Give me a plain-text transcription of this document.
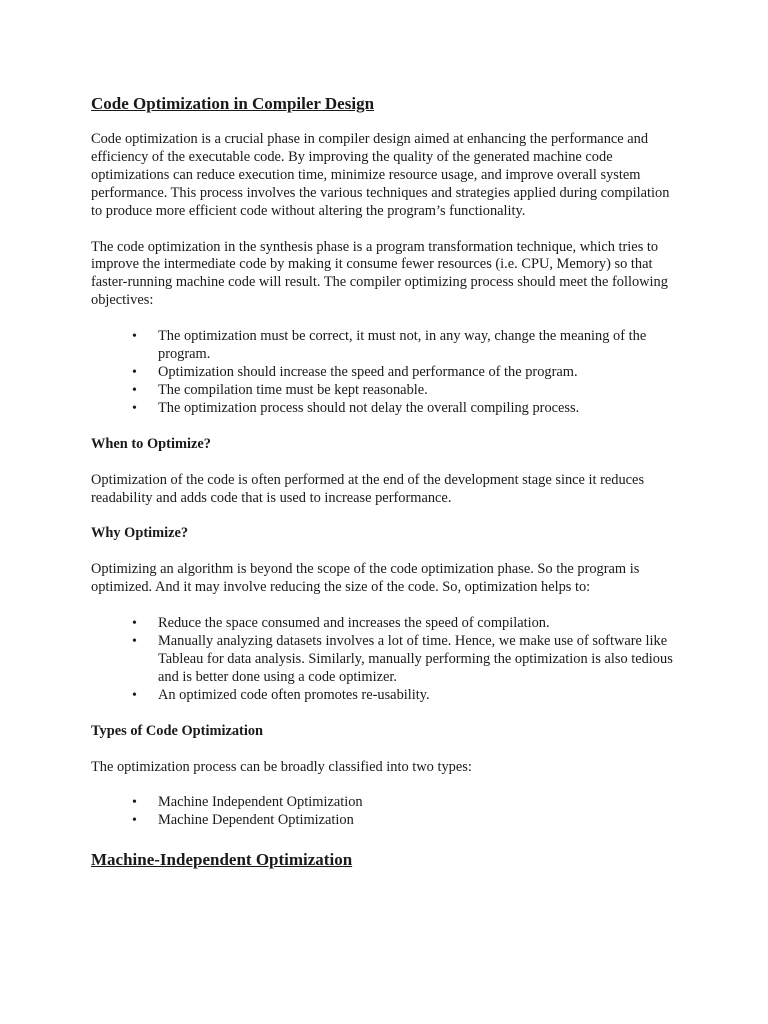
Code Optimization in Compiler Design

Code optimization is a crucial phase in compiler design aimed at enhancing the performance and efficiency of the executable code. By improving the quality of the generated machine code optimizations can reduce execution time, minimize resource usage, and improve overall system performance. This process involves the various techniques and strategies applied during compilation to produce more efficient code without altering the program’s functionality.

The code optimization in the synthesis phase is a program transformation technique, which tries to improve the intermediate code by making it consume fewer resources (i.e. CPU, Memory) so that faster-running machine code will result. The compiler optimizing process should meet the following objectives:

• The optimization must be correct, it must not, in any way, change the meaning of the program.
• Optimization should increase the speed and performance of the program.
• The compilation time must be kept reasonable.
• The optimization process should not delay the overall compiling process.
When to Optimize?

Optimization of the code is often performed at the end of the development stage since it reduces readability and adds code that is used to increase performance.

Why Optimize?

Optimizing an algorithm is beyond the scope of the code optimization phase. So the program is optimized. And it may involve reducing the size of the code. So, optimization helps to:

• Reduce the space consumed and increases the speed of compilation.
• Manually analyzing datasets involves a lot of time. Hence, we make use of software like Tableau for data analysis. Similarly, manually performing the optimization is also tedious and is better done using a code optimizer.
• An optimized code often promotes re-usability.
Types of Code Optimization

The optimization process can be broadly classified into two types:

• Machine Independent Optimization
• Machine Dependent Optimization
Machine-Independent Optimization
